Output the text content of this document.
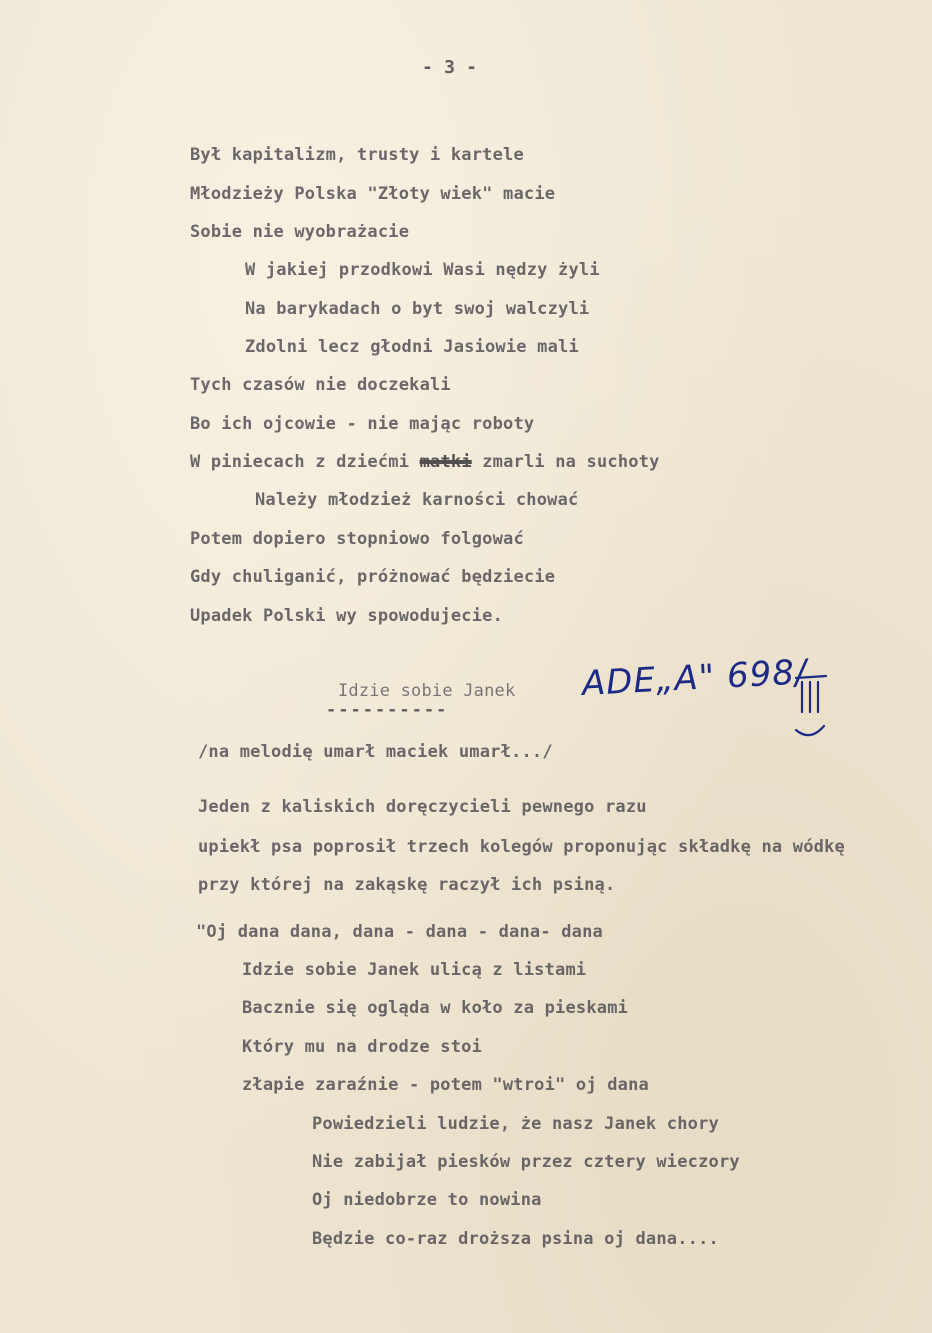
- 3 -
Był kapitalizm, trusty i kartele
Młodzieży Polska "Złoty wiek" macie
Sobie nie wyobrażacie
W jakiej przodkowi Wasi nędzy żyli
Na barykadach o byt swoj walczyli
Zdolni lecz głodni Jasiowie mali
Tych czasów nie doczekali
Bo ich ojcowie - nie mając roboty
W piniecach z dziećmi matki zmarli na suchoty
Należy młodzież karności chować
Potem dopiero stopniowo folgować
Gdy chuliganić, próżnować będziecie
Upadek Polski wy spowodujecie.
Idzie sobie Janek
----------
ADE„A" 698/
/na melodię umarł maciek umarł.../
Jeden z kaliskich doręczycieli pewnego razu
upiekł psa poprosił trzech kolegów proponując składkę na wódkę
przy której na zakąskę raczył ich psiną.
"Oj dana dana, dana - dana - dana- dana
Idzie sobie Janek ulicą z listami
Bacznie się ogląda w koło za pieskami
Który mu na drodze stoi
złapie zaraźnie - potem "wtroi" oj dana
Powiedzieli ludzie, że nasz Janek chory
Nie zabijał piesków przez cztery wieczory
Oj niedobrze to nowina
Będzie co-raz droższa psina oj dana....
